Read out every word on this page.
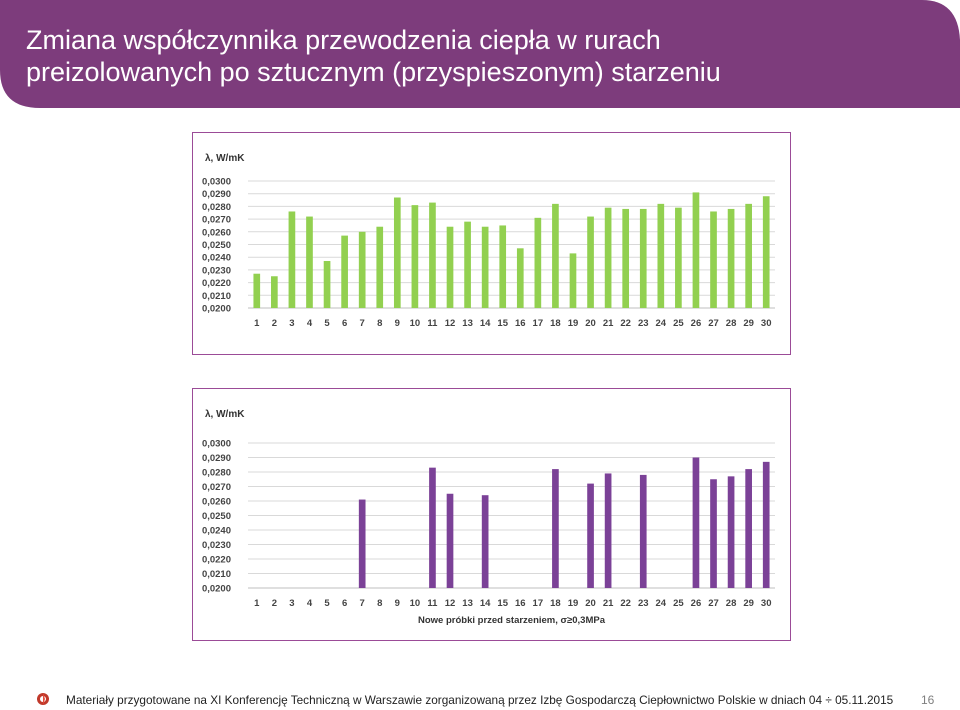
Zmiana współczynnika przewodzenia ciepła w rurach
preizolowanych po sztucznym (przyspieszonym) starzeniu
λ, W/mK
0,0300
0,0290
0,0280
0,0270
0,0260
0,0250
0,0240
0,0230
0,0220
0,0210
0,0200
1 2 3 4 5 6 7 8 9 10 11 12 13 14 15 16 17 18 19 20 21 22 23 24 25 26 27 28 29 30
λ, W/mK
0,0300
0,0290
0,0280
0,0270
0,0260
0,0250
0,0240
0,0230
0,0220
0,0210
0,0200
1 2 3 4 5 6 7 8 9 10 11 12 13 14 15 16 17 18 19 20 21 22 23 24 25 26 27 28 29 30
Nowe próbki przed starzeniem, σ≥0,3MPa
Materiały przygotowane na XI Konferencję Techniczną w Warszawie zorganizowaną przez Izbę Gospodarczą Ciepłownictwo Polskie w dniach 04 ÷ 05.11.2015 16
